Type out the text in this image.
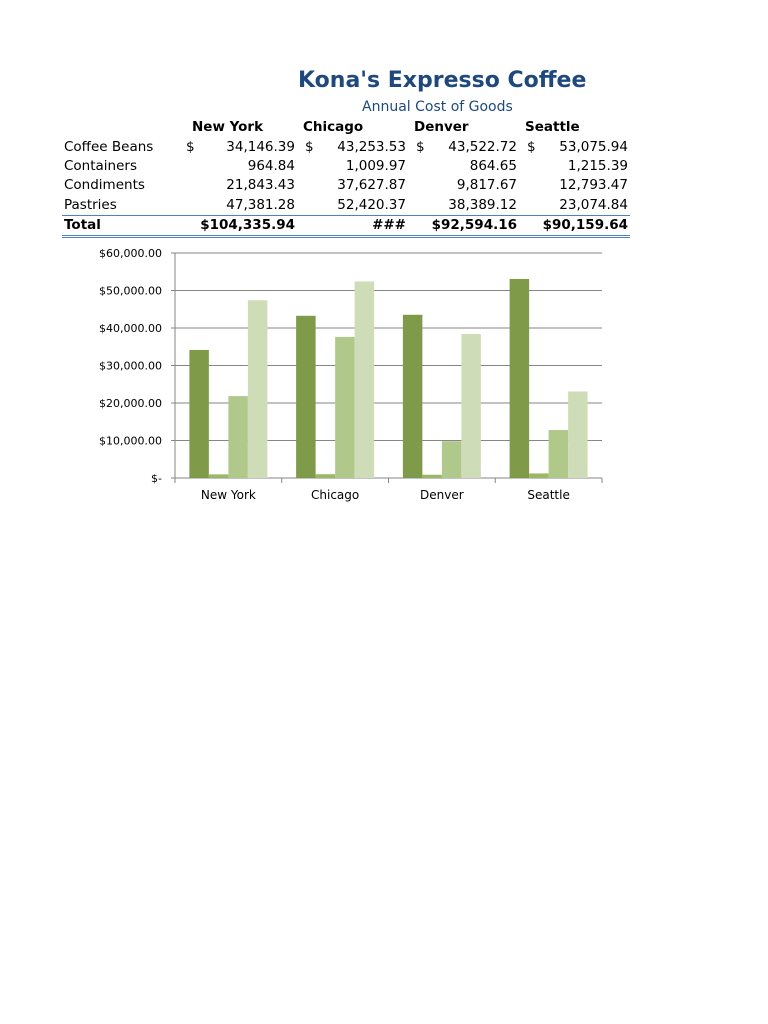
Kona's Expresso Coffee
Annual Cost of Goods
	New York	Chicago	Denver	Seattle
Coffee Beans	$ 34,146.39	$ 43,253.53	$ 43,522.72	$ 53,075.94

Containers	964.84	1,009.97	864.65	1,215.39

Condiments	21,843.43	37,627.87	9,817.67	12,793.47

Pastries	47,381.28	52,420.37	38,389.12	23,074.84

Total	$104,335.94	###	$92,594.16	$90,159.64
$-
$10,000.00
$20,000.00
$30,000.00
$40,000.00
$50,000.00
$60,000.00
New York	Chicago	Denver	Seattle
